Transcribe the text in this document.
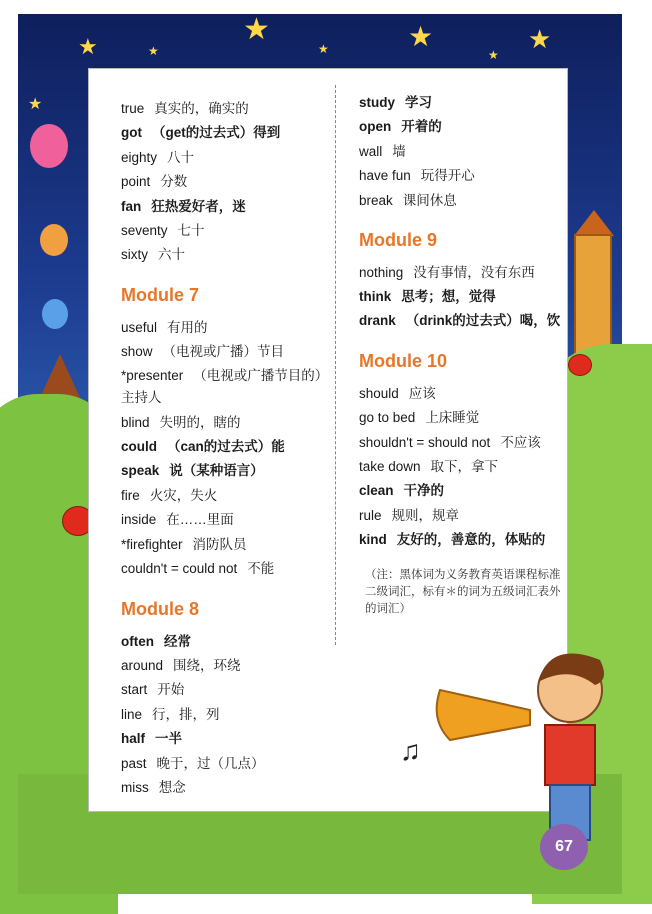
★
★	★	★
★	★
★
★
true 真实的，确实的
got （get的过去式）得到
eighty 八十
point 分数
fan 狂热爱好者，迷
seventy 七十
sixty 六十
Module 7
useful 有用的
show （电视或广播）节目
*presenter （电视或广播节目的）主持人
blind 失明的，瞎的
could （can的过去式）能
speak 说（某种语言）
fire 火灾，失火
inside 在……里面
*firefighter 消防队员
couldn't = could not 不能
Module 8
often 经常
around 围绕，环绕
start 开始
line 行，排，列
half 一半
past 晚于，过（几点）
miss 想念
study 学习
open 开着的
wall 墙
have fun 玩得开心
break 课间休息
Module 9
nothing 没有事情，没有东西
think 思考；想，觉得
drank （drink的过去式）喝，饮
Module 10
should 应该
go to bed 上床睡觉
shouldn't = should not 不应该
take down 取下，拿下
clean 干净的
rule 规则，规章
kind 友好的，善意的，体贴的
（注：黑体词为义务教育英语课程标准二级词汇，标有＊的词为五级词汇表外的词汇）
♫
67
